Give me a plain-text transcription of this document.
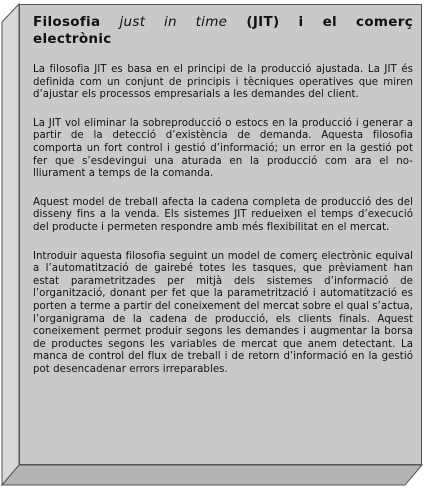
Filosofia just in time (JIT) i el comerç electrònic

La filosofia JIT es basa en el principi de la producció ajustada. La JIT és definida com un conjunt de principis i tècniques operatives que miren d’ajustar els processos empresarials a les demandes del client.

La JIT vol eliminar la sobreproducció o estocs en la producció i generar a partir de la detecció d’existència de demanda. Aquesta filosofia comporta un fort control i gestió d’informació; un error en la gestió pot fer que s’esdevingui una aturada en la producció com ara el no-lliurament a temps de la comanda.

Aquest model de treball afecta la cadena completa de producció des del disseny fins a la venda. Els sistemes JIT redueixen el temps d’execució del producte i permeten respondre amb més flexibilitat en el mercat.

Introduir aquesta filosofia seguint un model de comerç electrònic equival a l’automatització de gairebé totes les tasques, que prèviament han estat parametritzades per mitjà dels sistemes d’informació de l’organització, donant per fet que la parametrització i automatització es porten a terme a partir del coneixement del mercat sobre el qual s’actua, l’organigrama de la cadena de producció, els clients finals. Aquest coneixement permet produir segons les demandes i augmentar la borsa de productes segons les variables de mercat que anem detectant. La manca de control del flux de treball i de retorn d’informació en la gestió pot desencadenar errors irreparables.
